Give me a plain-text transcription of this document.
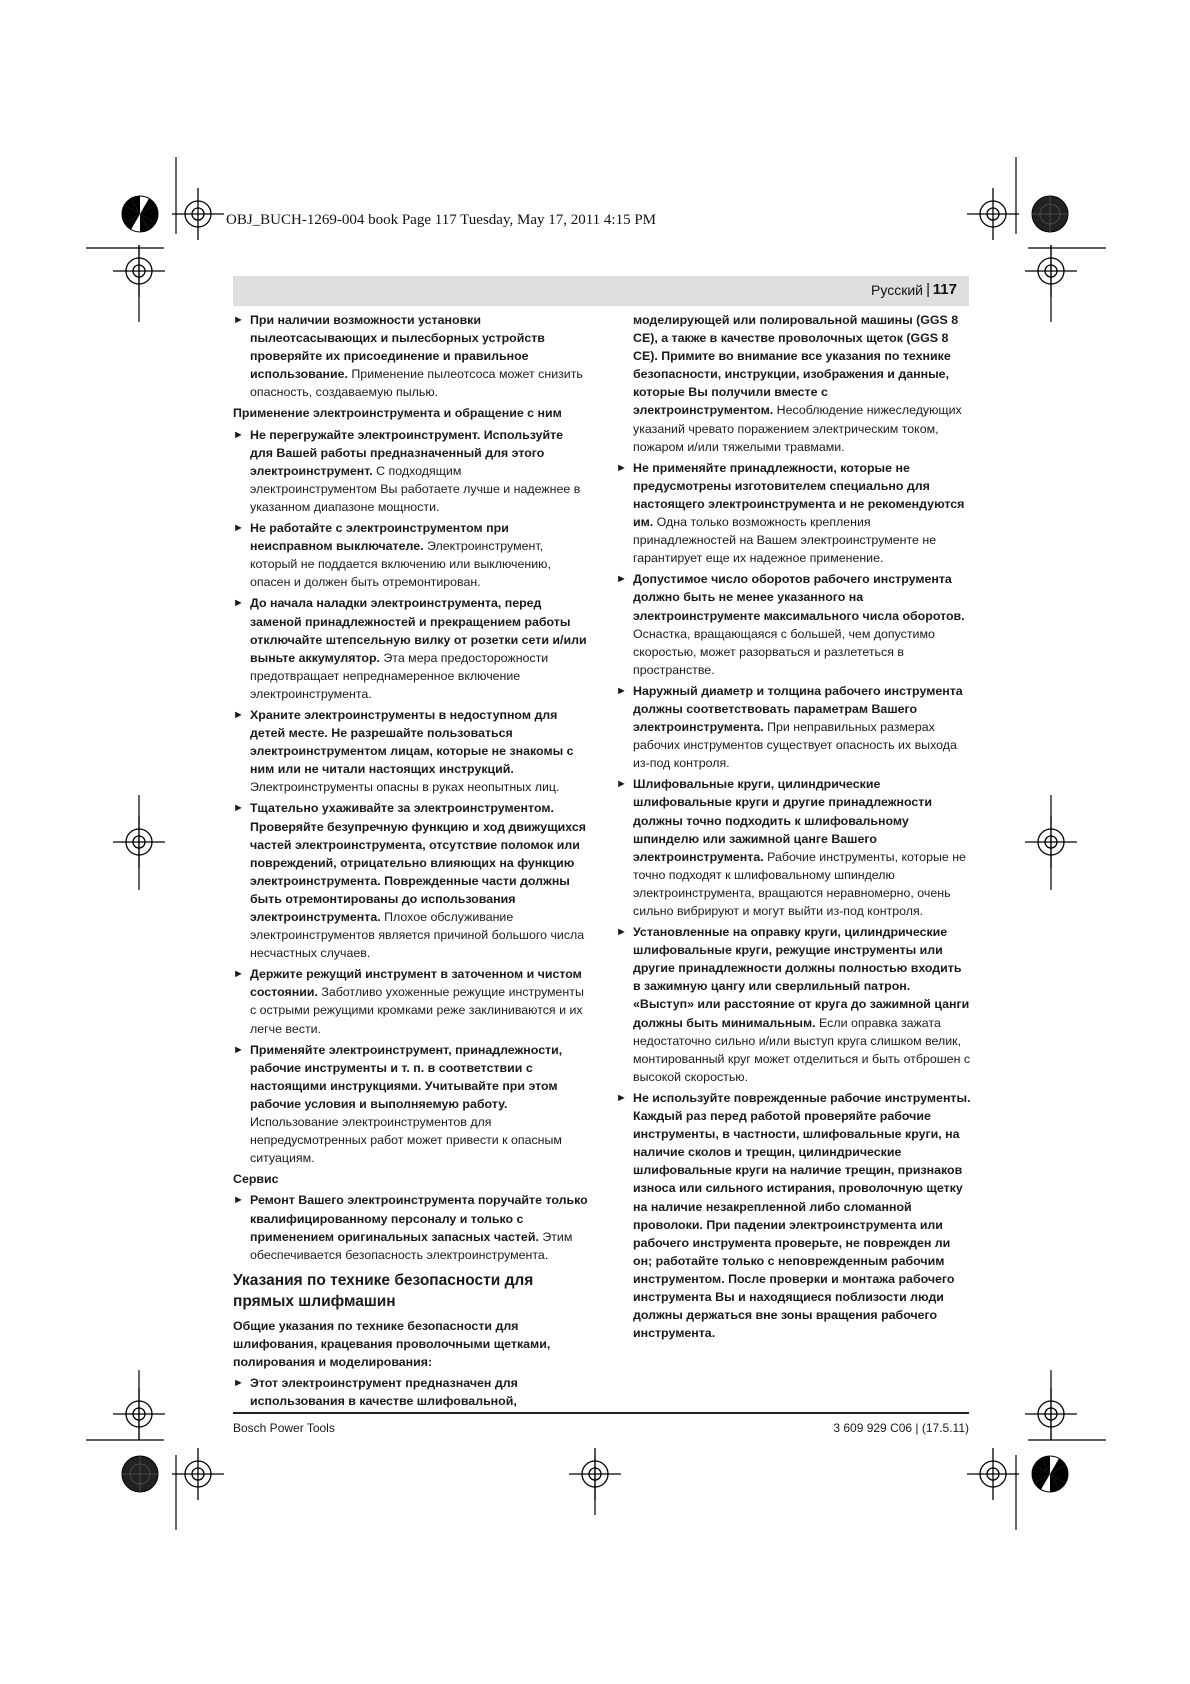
OBJ_BUCH-1269-004 book Page 117 Tuesday, May 17, 2011 4:15 PM
Русский | 117
► При наличии возможности установки пылеотсасывающих и пылесборных устройств проверяйте их присоединение и правильное использование. Применение пылеотсоса может снизить опасность, создаваемую пылью.
Применение электроинструмента и обращение с ним
► Не перегружайте электроинструмент. Используйте для Вашей работы предназначенный для этого электроинструмент. С подходящим электроинструментом Вы работаете лучше и надежнее в указанном диапазоне мощности.
► Не работайте с электроинструментом при неисправном выключателе. Электроинструмент, который не поддается включению или выключению, опасен и должен быть отремонтирован.
► До начала наладки электроинструмента, перед заменой принадлежностей и прекращением работы отключайте штепсельную вилку от розетки сети и/или выньте аккумулятор. Эта мера предосторожности предотвращает непреднамеренное включение электроинструмента.
► Храните электроинструменты в недоступном для детей месте. Не разрешайте пользоваться электроинструментом лицам, которые не знакомы с ним или не читали настоящих инструкций. Электроинструменты опасны в руках неопытных лиц.
► Тщательно ухаживайте за электроинструментом. Проверяйте безупречную функцию и ход движущихся частей электроинструмента, отсутствие поломок или повреждений, отрицательно влияющих на функцию электроинструмента. Поврежденные части должны быть отремонтированы до использования электроинструмента. Плохое обслуживание электроинструментов является причиной большого числа несчастных случаев.
► Держите режущий инструмент в заточенном и чистом состоянии. Заботливо ухоженные режущие инструменты с острыми режущими кромками реже заклиниваются и их легче вести.
► Применяйте электроинструмент, принадлежности, рабочие инструменты и т. п. в соответствии с настоящими инструкциями. Учитывайте при этом рабочие условия и выполняемую работу. Использование электроинструментов для непредусмотренных работ может привести к опасным ситуациям.
Сервис
► Ремонт Вашего электроинструмента поручайте только квалифицированному персоналу и только с применением оригинальных запасных частей. Этим обеспечивается безопасность электроинструмента.
Указания по технике безопасности для прямых шлифмашин
Общие указания по технике безопасности для шлифования, крацевания проволочными щетками, полирования и моделирования:
► Этот электроинструмент предназначен для использования в качестве шлифовальной,
моделирующей или полировальной машины (GGS 8 CE), а также в качестве проволочных щеток (GGS 8 CE). Примите во внимание все указания по технике безопасности, инструкции, изображения и данные, которые Вы получили вместе с электроинструментом. Несоблюдение нижеследующих указаний чревато поражением электрическим током, пожаром и/или тяжелыми травмами.
► Не применяйте принадлежности, которые не предусмотрены изготовителем специально для настоящего электроинструмента и не рекомендуются им. Одна только возможность крепления принадлежностей на Вашем электроинструменте не гарантирует еще их надежное применение.
► Допустимое число оборотов рабочего инструмента должно быть не менее указанного на электроинструменте максимального числа оборотов. Оснастка, вращающаяся с большей, чем допустимо скоростью, может разорваться и разлететься в пространстве.
► Наружный диаметр и толщина рабочего инструмента должны соответствовать параметрам Вашего электроинструмента. При неправильных размерах рабочих инструментов существует опасность их выхода из-под контроля.
► Шлифовальные круги, цилиндрические шлифовальные круги и другие принадлежности должны точно подходить к шлифовальному шпинделю или зажимной цанге Вашего электроинструмента. Рабочие инструменты, которые не точно подходят к шлифовальному шпинделю электроинструмента, вращаются неравномерно, очень сильно вибрируют и могут выйти из-под контроля.
► Установленные на оправку круги, цилиндрические шлифовальные круги, режущие инструменты или другие принадлежности должны полностью входить в зажимную цангу или сверлильный патрон. «Выступ» или расстояние от круга до зажимной цанги должны быть минимальным. Если оправка зажата недостаточно сильно и/или выступ круга слишком велик, монтированный круг может отделиться и быть отброшен с высокой скоростью.
► Не используйте поврежденные рабочие инструменты. Каждый раз перед работой проверяйте рабочие инструменты, в частности, шлифовальные круги, на наличие сколов и трещин, цилиндрические шлифовальные круги на наличие трещин, признаков износа или сильного истирания, проволочную щетку на наличие незакрепленной либо сломанной проволоки. При падении электроинструмента или рабочего инструмента проверьте, не поврежден ли он; работайте только с неповрежденным рабочим инструментом. После проверки и монтажа рабочего инструмента Вы и находящиеся поблизости люди должны держаться вне зоны вращения рабочего инструмента.
Bosch Power Tools	3 609 929 C06 | (17.5.11)
